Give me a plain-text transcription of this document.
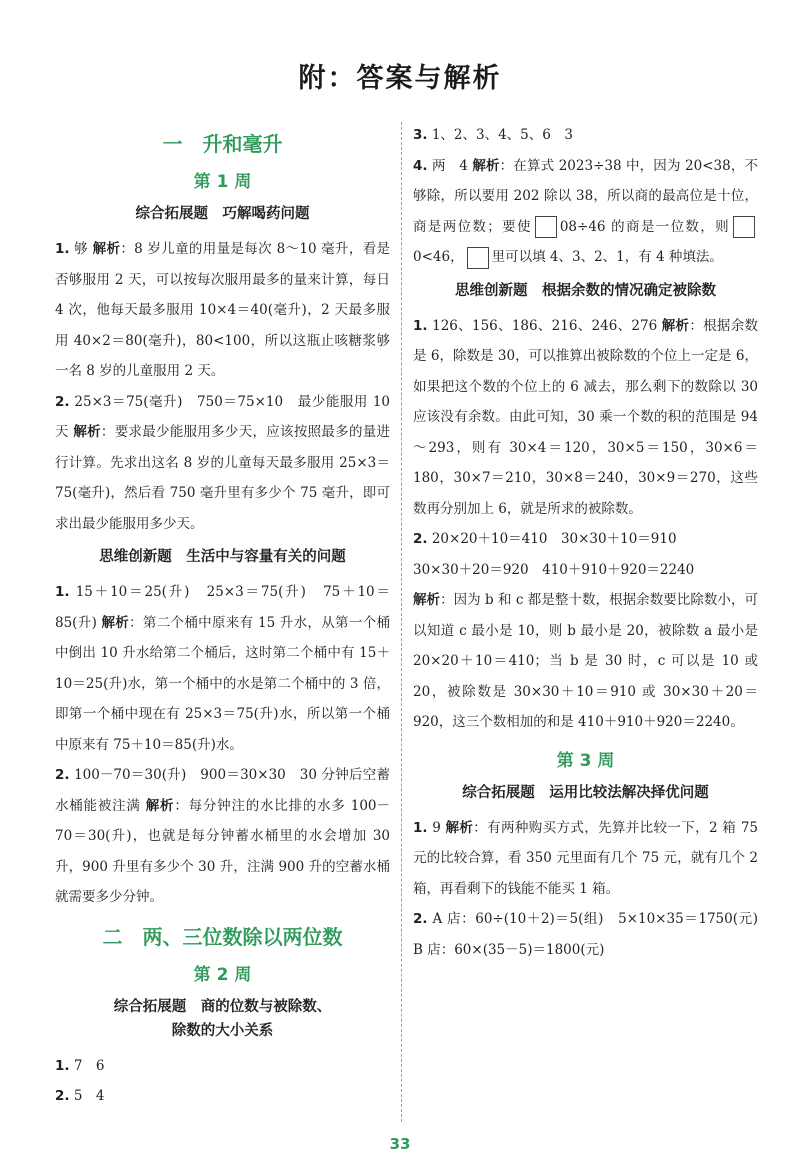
附：答案与解析
一　升和毫升
第 1 周
综合拓展题　巧解喝药问题

1. 够 解析：8 岁儿童的用量是每次 8～10 毫升，看是否够服用 2 天，可以按每次服用最多的量来计算，每日 4 次，他每天最多服用 10×4＝40(毫升)，2 天最多服用 40×2＝80(毫升)，80<100，所以这瓶止咳糖浆够一名 8 岁的儿童服用 2 天。

2. 25×3＝75(毫升)　750＝75×10　最少能服用 10 天 解析：要求最少能服用多少天，应该按照最多的量进行计算。先求出这名 8 岁的儿童每天最多服用 25×3＝75(毫升)，然后看 750 毫升里有多少个 75 毫升，即可求出最少能服用多少天。

思维创新题　生活中与容量有关的问题

1. 15＋10＝25(升)　25×3＝75(升)　75＋10＝85(升) 解析：第二个桶中原来有 15 升水，从第一个桶中倒出 10 升水给第二个桶后，这时第二个桶中有 15＋10＝25(升)水，第一个桶中的水是第二个桶中的 3 倍，即第一个桶中现在有 25×3＝75(升)水，所以第一个桶中原来有 75＋10＝85(升)水。

2. 100－70＝30(升)　900＝30×30　30 分钟后空蓄水桶能被注满 解析：每分钟注的水比排的水多 100－70＝30(升)，也就是每分钟蓄水桶里的水会增加 30 升，900 升里有多少个 30 升，注满 900 升的空蓄水桶就需要多少分钟。

二　两、三位数除以两位数
第 2 周
综合拓展题　商的位数与被除数、
除数的大小关系

1. 7　6

2. 5　4

3. 1、2、3、4、5、6　3

4. 两　4 解析：在算式 2023÷38 中，因为 20<38，不够除，所以要用 202 除以 38，所以商的最高位是十位，商是两位数；要使 08÷46 的商是一位数，则0<46， 里可以填 4、3、2、1，有 4 种填法。

思维创新题　根据余数的情况确定被除数

1. 126、156、186、216、246、276 解析：根据余数是 6，除数是 30，可以推算出被除数的个位上一定是 6，如果把这个数的个位上的 6 减去，那么剩下的数除以 30 应该没有余数。由此可知，30 乘一个数的积的范围是 94～293，则有 30×4＝120，30×5＝150，30×6＝180，30×7＝210，30×8＝240，30×9＝270，这些数再分别加上 6，就是所求的被除数。

2. 20×20＋10＝410　30×30＋10＝910

30×30＋20＝920　410＋910＋920＝2240

解析：因为 b 和 c 都是整十数，根据余数要比除数小，可以知道 c 最小是 10，则 b 最小是 20，被除数 a 最小是 20×20＋10＝410；当 b 是 30 时，c 可以是 10 或 20，被除数是 30×30＋10＝910 或 30×30＋20＝920，这三个数相加的和是 410＋910＋920＝2240。

第 3 周
综合拓展题　运用比较法解决择优问题

1. 9 解析：有两种购买方式，先算并比较一下，2 箱 75 元的比较合算，看 350 元里面有几个 75 元，就有几个 2 箱，再看剩下的钱能不能买 1 箱。

2. A 店：60÷(10＋2)＝5(组)　5×10×35＝1750(元)　B 店：60×(35－5)＝1800(元)

33
